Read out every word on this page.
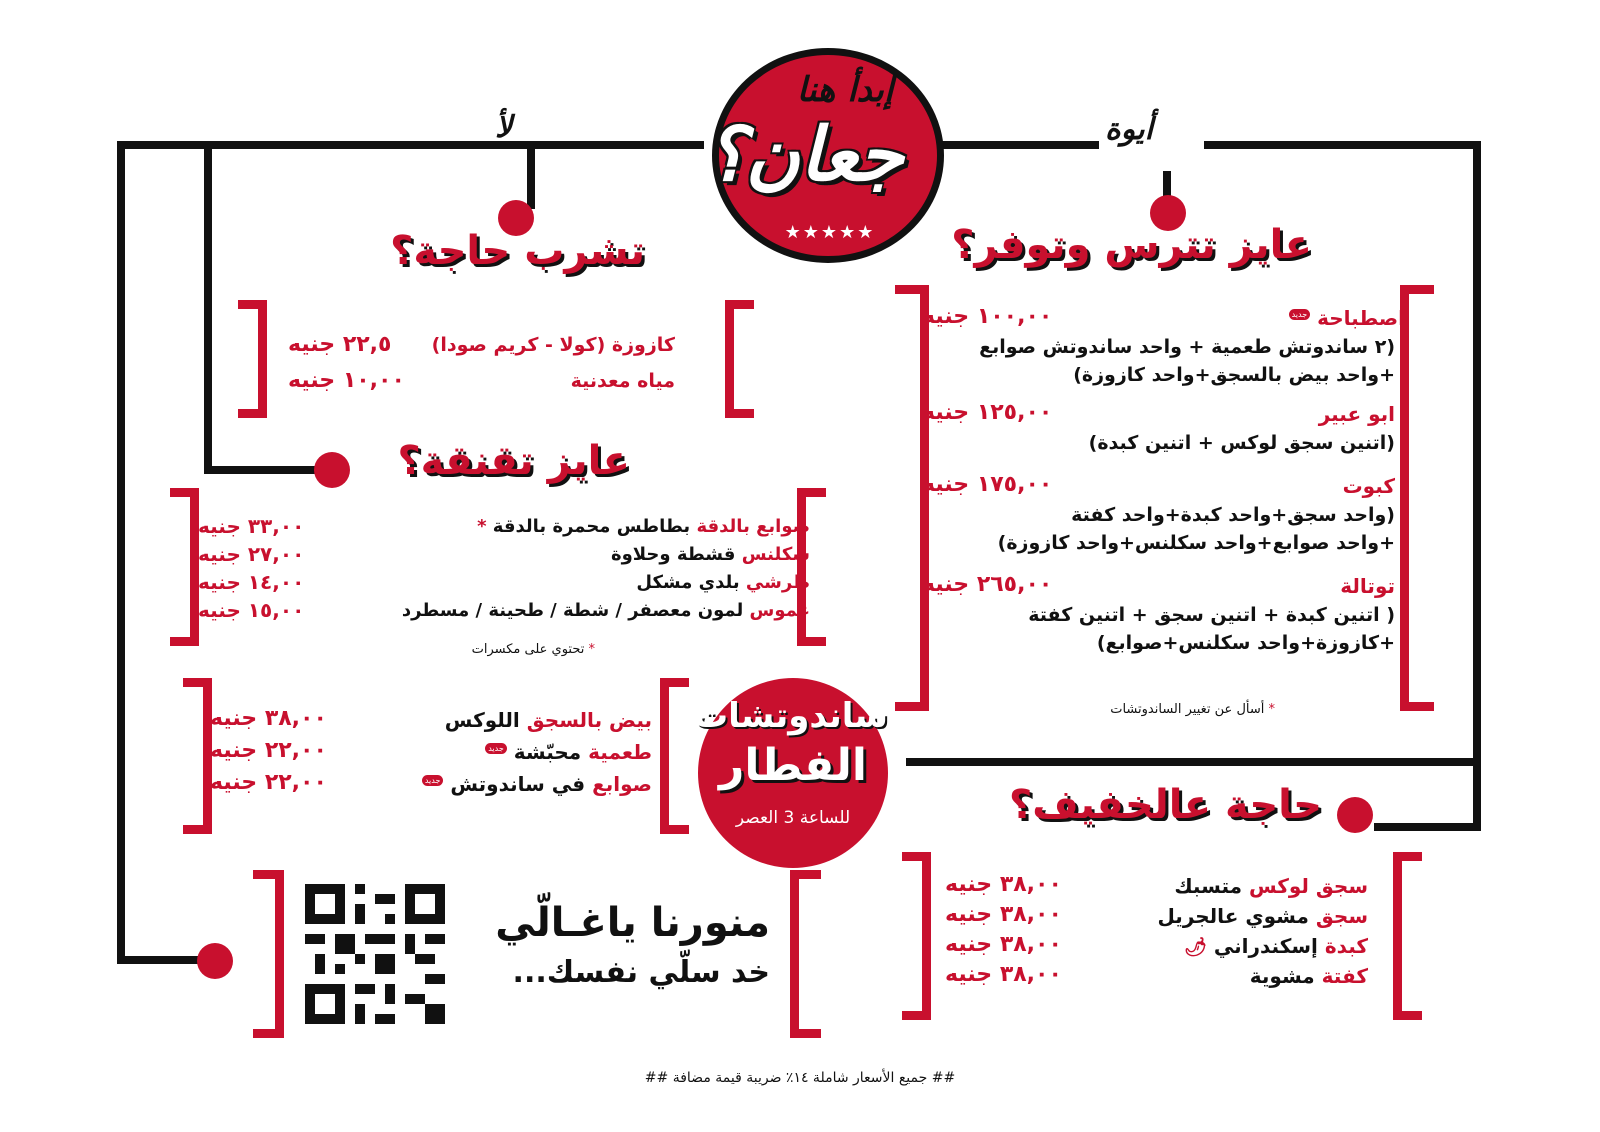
إبدأ هنا
جعان؟
★★★★★
أيوة
لأ
تشرب حاجة؟
كازوزة (كولا - كريم صودا)
٢٢,٥ جنيه
مياه معدنية
١٠,٠٠ جنيه
عايز تقنقة؟
صوابع بالدقة بطاطس محمرة بالدقة *
٣٣,٠٠ جنيه
سكلنس قشطة وحلاوة
٢٧,٠٠ جنيه
طرشي بلدي مشكل
١٤,٠٠ جنيه
غموس لمون معصفر / شطة / طحينة / مسطرد
١٥,٠٠ جنيه
* تحتوي على مكسرات
بيض بالسجق اللوكس
٣٨,٠٠ جنيه
طعمية محبّشة جديد
٢٢,٠٠ جنيه
صوابع في ساندوتش جديد
٢٢,٠٠ جنيه
ساندوتشات
الفطار
للساعة 3 العصر
عايز تترس وتوفر؟
اصطباحة جديد
١٠٠,٠٠ جنيه
(٢ ساندوتش طعمية + واحد ساندوتش صوابع
+واحد بيض بالسجق+واحد كازوزة)
ابو عبير
١٢٥,٠٠ جنيه
(اتنين سجق لوكس + اتنين كبدة)
كبوت
١٧٥,٠٠ جنيه
(واحد سجق+واحد كبدة+واحد كفتة
+واحد صوابع+واحد سكلنس+واحد كازوزة)
توتالة
٢٦٥,٠٠ جنيه
( اتنين كبدة + اتنين سجق + اتنين كفتة
+كازوزة+واحد سكلنس+صوابع)
* أسأل عن تغيير الساندوتشات
حاجة عالخفيف؟
سجق لوكس متسبك
٣٨,٠٠ جنيه
سجق مشوي عالجريل
٣٨,٠٠ جنيه
كبدة إسكندراني 🌶
٣٨,٠٠ جنيه
كفتة مشوية
٣٨,٠٠ جنيه
منورنا ياغـالّي
خد سلّي نفسك...
## جميع الأسعار شاملة ١٤٪ ضريبة قيمة مضافة ##
